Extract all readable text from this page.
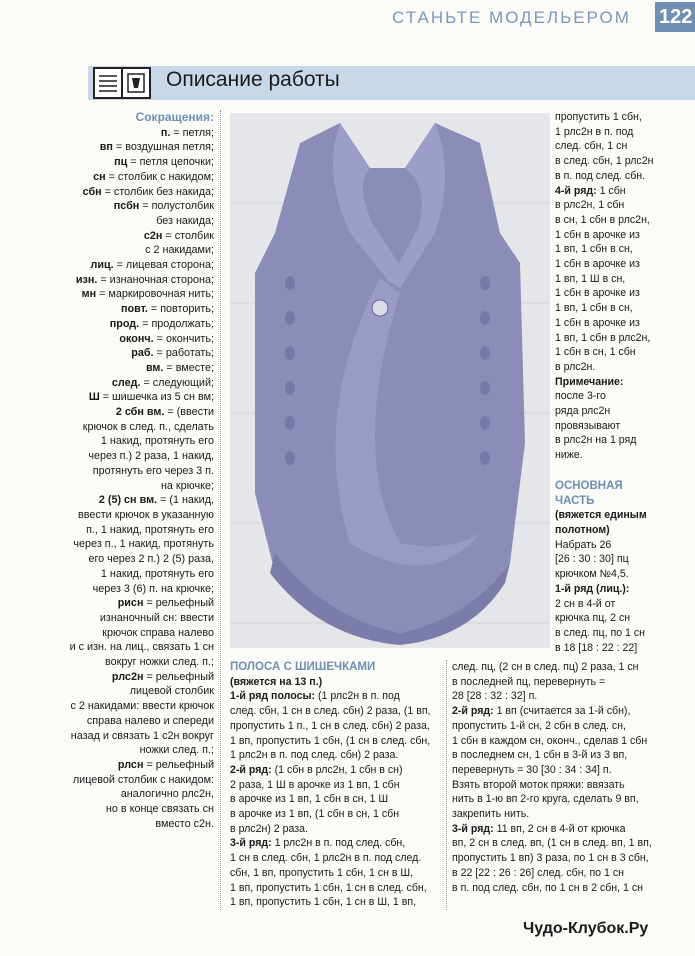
СТАНЬТЕ МОДЕЛЬЕРОМ 122
Описание работы

Сокращения:

п. = петля;

вп = воздушная петля;

пц = петля цепочки;

сн = столбик с накидом;

сбн = столбик без накида;

псбн = полустолбик

без накида;

с2н = столбик

с 2 накидами;

лиц. = лицевая сторона;

изн. = изнаночная сторона;

мн = маркировочная нить;

повт. = повторить;

прод. = продолжать;

оконч. = окончить;

раб. = работать;

вм. = вместе;

след. = следующий;

Ш = шишечка из 5 сн вм;

2 сбн вм. = (ввести

крючок в след. п., сделать

1 накид, протянуть его

через п.) 2 раза, 1 накид,

протянуть его через 3 п.

на крючке;

2 (5) сн вм. = (1 накид,

ввести крючок в указанную

п., 1 накид, протянуть его

через п., 1 накид, протянуть

его через 2 п.) 2 (5) раза,

1 накид, протянуть его

через 3 (6) п. на крючке;

рисн = рельефный

изнаночный сн: ввести

крючок справа налево

и с изн. на лиц., связать 1 сн

вокруг ножки след. п.;

рлс2н = рельефный

лицевой столбик

с 2 накидами: ввести крючок

справа налево и спереди

назад и связать 1 с2н вокруг

ножки след. п.;

рлсн = рельефный

лицевой столбик с накидом:

аналогично рлс2н,

но в конце связать сн

вместо с2н.

ПОЛОСА С ШИШЕЧКАМИ

(вяжется на 13 п.)

1-й ряд полосы: (1 рлс2н в п. под

след. сбн, 1 сн в след. сбн) 2 раза, (1 вп,

пропустить 1 п., 1 сн в след. сбн) 2 раза,

1 вп, пропустить 1 сбн, (1 сн в след. сбн,

1 рлс2н в п. под след. сбн) 2 раза.

2-й ряд: (1 сбн в рлс2н, 1 сбн в сн)

2 раза, 1 Ш в арочке из 1 вп, 1 сбн

в арочке из 1 вп, 1 сбн в сн, 1 Ш

в арочке из 1 вп, (1 сбн в сн, 1 сбн

в рлс2н) 2 раза.

3-й ряд: 1 рлс2н в п. под след. сбн,

1 сн в след. сбн, 1 рлс2н в п. под след.

сбн, 1 вп, пропустить 1 сбн, 1 сн в Ш,

1 вп, пропустить 1 сбн, 1 сн в след. сбн,

1 вп, пропустить 1 сбн, 1 сн в Ш, 1 вп,

пропустить 1 сбн,

1 рлс2н в п. под

след. сбн, 1 сн

в след. сбн, 1 рлс2н

в п. под след. сбн.

4-й ряд: 1 сбн

в рлс2н, 1 сбн

в сн, 1 сбн в рлс2н,

1 сбн в арочке из

1 вп, 1 сбн в сн,

1 сбн в арочке из

1 вп, 1 Ш в сн,

1 сбн в арочке из

1 вп, 1 сбн в сн,

1 сбн в арочке из

1 вп, 1 сбн в рлс2н,

1 сбн в сн, 1 сбн

в рлс2н.

Примечание:

после 3-го

ряда рлс2н

провязывают

в рлс2н на 1 ряд

ниже.

ОСНОВНАЯ

ЧАСТЬ

(вяжется единым

полотном)

Набрать 26

[26 : 30 : 30] пц

крючком №4,5.

1-й ряд (лиц.):

2 сн в 4-й от

крючка пц, 2 сн

в след. пц, по 1 сн

в 18 [18 : 22 : 22]

след. пц, (2 сн в след. пц) 2 раза, 1 сн

в последней пц, перевернуть =

28 [28 : 32 : 32] п.

2-й ряд: 1 вп (считается за 1-й сбн),

пропустить 1-й сн, 2 сбн в след. сн,

1 сбн в каждом сн, оконч., сделав 1 сбн

в последнем сн, 1 сбн в 3-й из 3 вп,

перевернуть = 30 [30 : 34 : 34] п.

Взять второй моток пряжи: ввязать

нить в 1-ю вп 2-го круга, сделать 9 вп,

закрепить нить.

3-й ряд: 11 вп, 2 сн в 4-й от крючка

вп, 2 сн в след. вп, (1 сн в след. вп, 1 вп,

пропустить 1 вп) 3 раза, по 1 сн в 3 сбн,

в 22 [22 : 26 : 26] след. сбн, по 1 сн

в п. под след. сбн, по 1 сн в 2 сбн, 1 сн

Чудо-Клубок.Ру
